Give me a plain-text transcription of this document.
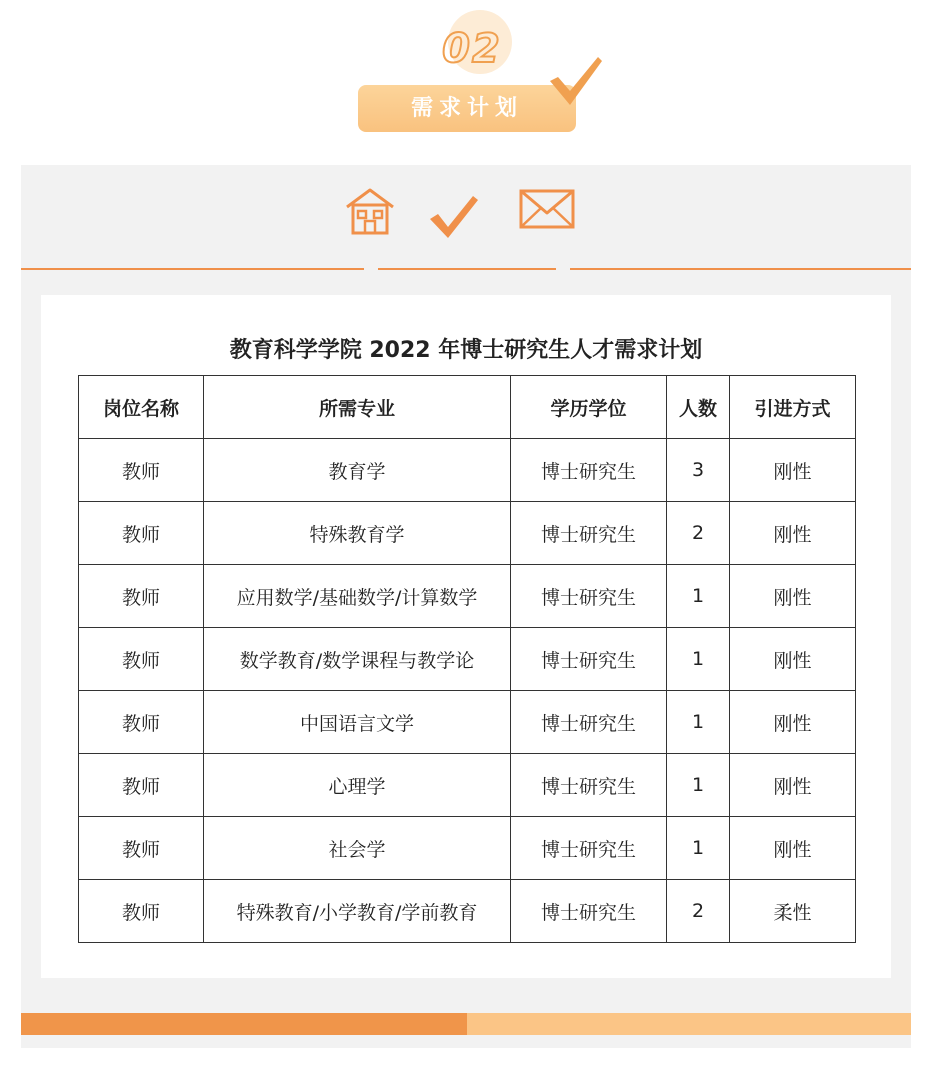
02
需求计划
教育科学学院 2022 年博士研究生人才需求计划
岗位名称	所需专业	学历学位	人数	引进方式
教师	教育学	博士研究生	3	刚性
教师	特殊教育学	博士研究生	2	刚性
教师	应用数学/基础数学/计算数学	博士研究生	1	刚性
教师	数学教育/数学课程与教学论	博士研究生	1	刚性
教师	中国语言文学	博士研究生	1	刚性
教师	心理学	博士研究生	1	刚性
教师	社会学	博士研究生	1	刚性
教师	特殊教育/小学教育/学前教育	博士研究生	2	柔性
